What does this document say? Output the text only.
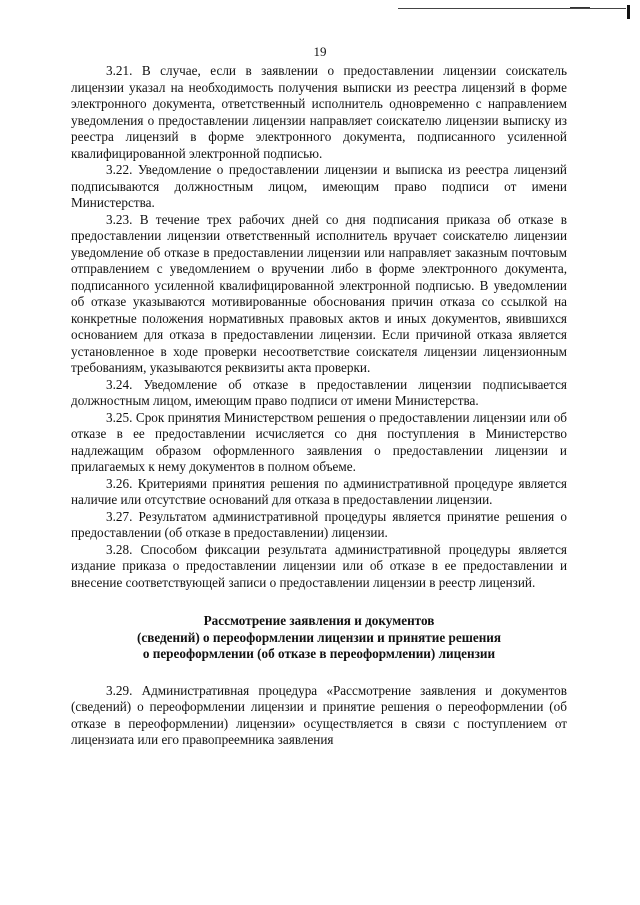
19

3.21. В случае, если в заявлении о предоставлении лицензии соискатель лицензии указал на необходимость получения выписки из реестра лицензий в форме электронного документа, ответственный исполнитель одновременно с направлением уведомления о предоставлении лицензии направляет соискателю лицензии выписку из реестра лицензий в форме электронного документа, подписанного усиленной квалифицированной электронной подписью.

3.22. Уведомление о предоставлении лицензии и выписка из реестра лицензий подписываются должностным лицом, имеющим право подписи от имени Министерства.

3.23. В течение трех рабочих дней со дня подписания приказа об отказе в предоставлении лицензии ответственный исполнитель вручает соискателю лицензии уведомление об отказе в предоставлении лицензии или направляет заказным почтовым отправлением с уведомлением о вручении либо в форме электронного документа, подписанного усиленной квалифицированной электронной подписью. В уведомлении об отказе указываются мотивированные обоснования причин отказа со ссылкой на конкретные положения нормативных правовых актов и иных документов, явившихся основанием для отказа в предоставлении лицензии. Если причиной отказа является установленное в ходе проверки несоответствие соискателя лицензии лицензионным требованиям, указываются реквизиты акта проверки.

3.24. Уведомление об отказе в предоставлении лицензии подписывается должностным лицом, имеющим право подписи от имени Министерства.

3.25. Срок принятия Министерством решения о предоставлении лицензии или об отказе в ее предоставлении исчисляется со дня поступления в Министерство надлежащим образом оформленного заявления о предоставлении лицензии и прилагаемых к нему документов в полном объеме.

3.26. Критериями принятия решения по административной процедуре является наличие или отсутствие оснований для отказа в предоставлении лицензии.

3.27. Результатом административной процедуры является принятие решения о предоставлении (об отказе в предоставлении) лицензии.

3.28. Способом фиксации результата административной процедуры является издание приказа о предоставлении лицензии или об отказе в ее предоставлении и внесение соответствующей записи о предоставлении лицензии в реестр лицензий.

Рассмотрение заявления и документов
(сведений) о переоформлении лицензии и принятие решения
о переоформлении (об отказе в переоформлении) лицензии

3.29. Административная процедура «Рассмотрение заявления и документов (сведений) о переоформлении лицензии и принятие решения о переоформлении (об отказе в переоформлении) лицензии» осуществляется в связи с поступлением от лицензиата или его правопреемника заявления
